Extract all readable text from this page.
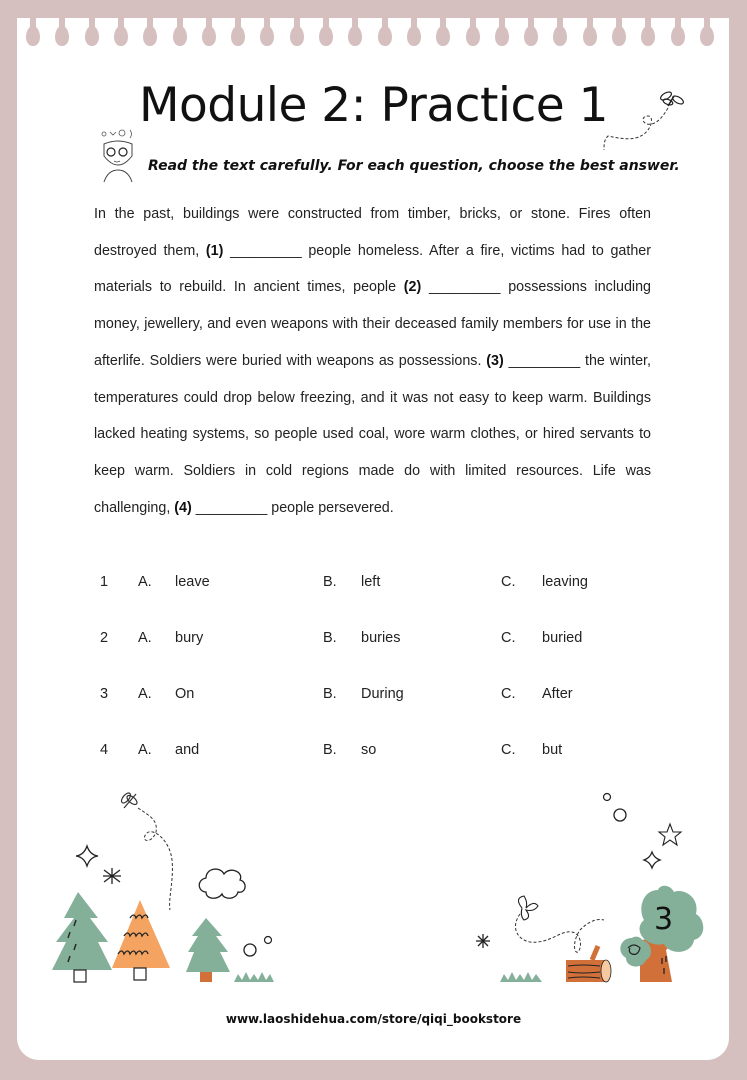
Module 2: Practice 1
Read the text carefully. For each question, choose the best answer.
In the past, buildings were constructed from timber, bricks, or stone. Fires often destroyed them, (1) _________ people homeless. After a fire, victims had to gather materials to rebuild. In ancient times, people (2) _________ possessions including money, jewellery, and even weapons with their deceased family members for use in the afterlife. Soldiers were buried with weapons as possessions. (3) _________ the winter, temperatures could drop below freezing, and it was not easy to keep warm. Buildings lacked heating systems, so people used coal, wore warm clothes, or hired servants to keep warm. Soldiers in cold regions made do with limited resources. Life was challenging, (4) _________ people persevered.
1 A. leave	B. left	C. leaving
2 A. bury	B. buries	C. buried
3 A. On	B. During	C. After
4 A. and	B. so	C. but
3
www.laoshidehua.com/store/qiqi_bookstore
